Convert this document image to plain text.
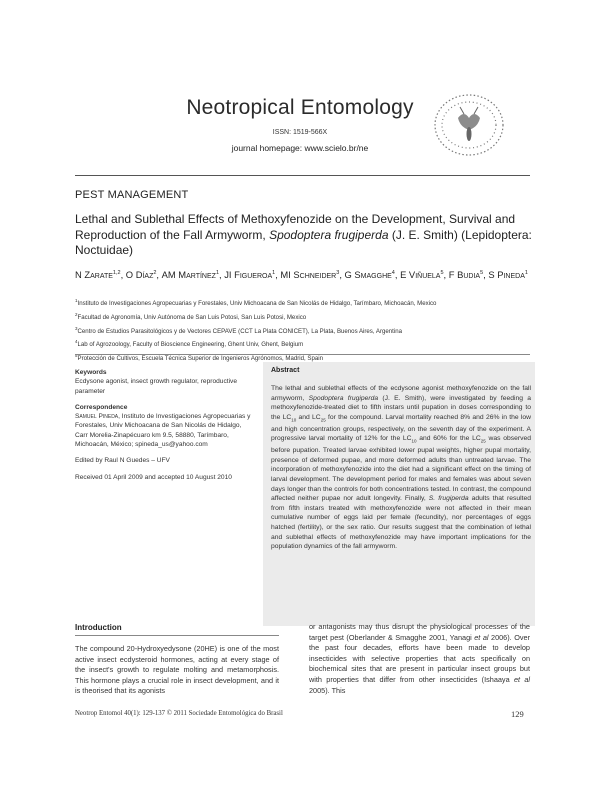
Neotropical Entomology
ISSN: 1519-566X
journal homepage: www.scielo.br/ne
PEST MANAGEMENT
Lethal and Sublethal Effects of Methoxyfenozide on the Development, Survival and Reproduction of the Fall Armyworm, Spodoptera frugiperda (J. E. Smith) (Lepidoptera: Noctuidae)
N Zarate$^{1,2}$, O Díaz$^2$, AM Martínez$^1$, JI Figueroa$^1$, MI Schneider$^3$, G Smagghe$^4$, E Viñuela$^5$, F Budia$^5$, S Pineda$^1$
$^1$Instituto de Investigaciones Agropecuarias y Forestales, Univ Michoacana de San Nicolás de Hidalgo, Tarímbaro, Michoacán, Mexico
$^2$Facultad de Agronomía, Univ Autónoma de San Luis Potosi, San Luis Potosi, Mexico
$^3$Centro de Estudios Parasitológicos y de Vectores CEPAVE (CCT La Plata CONICET), La Plata, Buenos Aires, Argentina
$^4$Lab of Agrozoology, Faculty of Bioscience Engineering, Ghent Univ, Ghent, Belgium
$^5$Protección de Cultivos, Escuela Técnica Superior de Ingenieros Agrónomos, Madrid, Spain

Keywords

Ecdysone agonist, insect growth regulator, reproductive parameter

Correspondence

Samuel Pineda, Instituto de Investigaciones Agropecuarias y Forestales, Univ Michoacana de San Nicolás de Hidalgo, Carr Morelia-Zinapécuaro km 9.5, 58880, Tarímbaro, Michoacán, México; spineda_us@yahoo.com

Edited by Raul N Guedes – UFV

Received 01 April 2009 and accepted 10 August 2010

Abstract
The lethal and sublethal effects of the ecdysone agonist methoxyfenozide on the fall armyworm, Spodoptera frugiperda (J. E. Smith), were investigated by feeding a methoxyfenozide-treated diet to fifth instars until pupation in doses corresponding to the $LC_{10}$ and $LC_{25}$ for the compound. Larval mortality reached 8% and 26% in the low and high concentration groups, respectively, on the seventh day of the experiment. A progressive larval mortality of 12% for the $LC_{10}$ and 60% for the $LC_{25}$ was observed before pupation. Treated larvae exhibited lower pupal weights, higher pupal mortality, presence of deformed pupae, and more deformed adults than untreated larvae. The incorporation of methoxyfenozide into the diet had a significant effect on the timing of larval development. The development period for males and females was about seven days longer than the controls for both concentrations tested. In contrast, the compound affected neither pupae nor adult longevity. Finally, S. frugiperda adults that resulted from fifth instars treated with methoxyfenozide were not affected in their mean cumulative number of eggs laid per female (fecundity), nor percentages of eggs hatched (fertility), or the sex ratio. Our results suggest that the combination of lethal and sublethal effects of methoxyfenozide may have important implications for the population dynamics of the fall armyworm.
Introduction
The compound 20-Hydroxyedysone (20HE) is one of the most active insect ecdysteroid hormones, acting at every stage of the insect's growth to regulate molting and metamorphosis. This hormone plays a crucial role in insect development, and it is theorised that its agonists
or antagonists may thus disrupt the physiological processes of the target pest (Oberlander & Smagghe 2001, Yanagi et al 2006). Over the past four decades, efforts have been made to develop insecticides with selective properties that acts specifically on biochemical sites that are present in particular insect groups but with properties that differ from other insecticides (Ishaaya et al 2005). This
Neotrop Entomol 40(1): 129-137 © 2011 Sociedade Entomológica do Brasil	129
